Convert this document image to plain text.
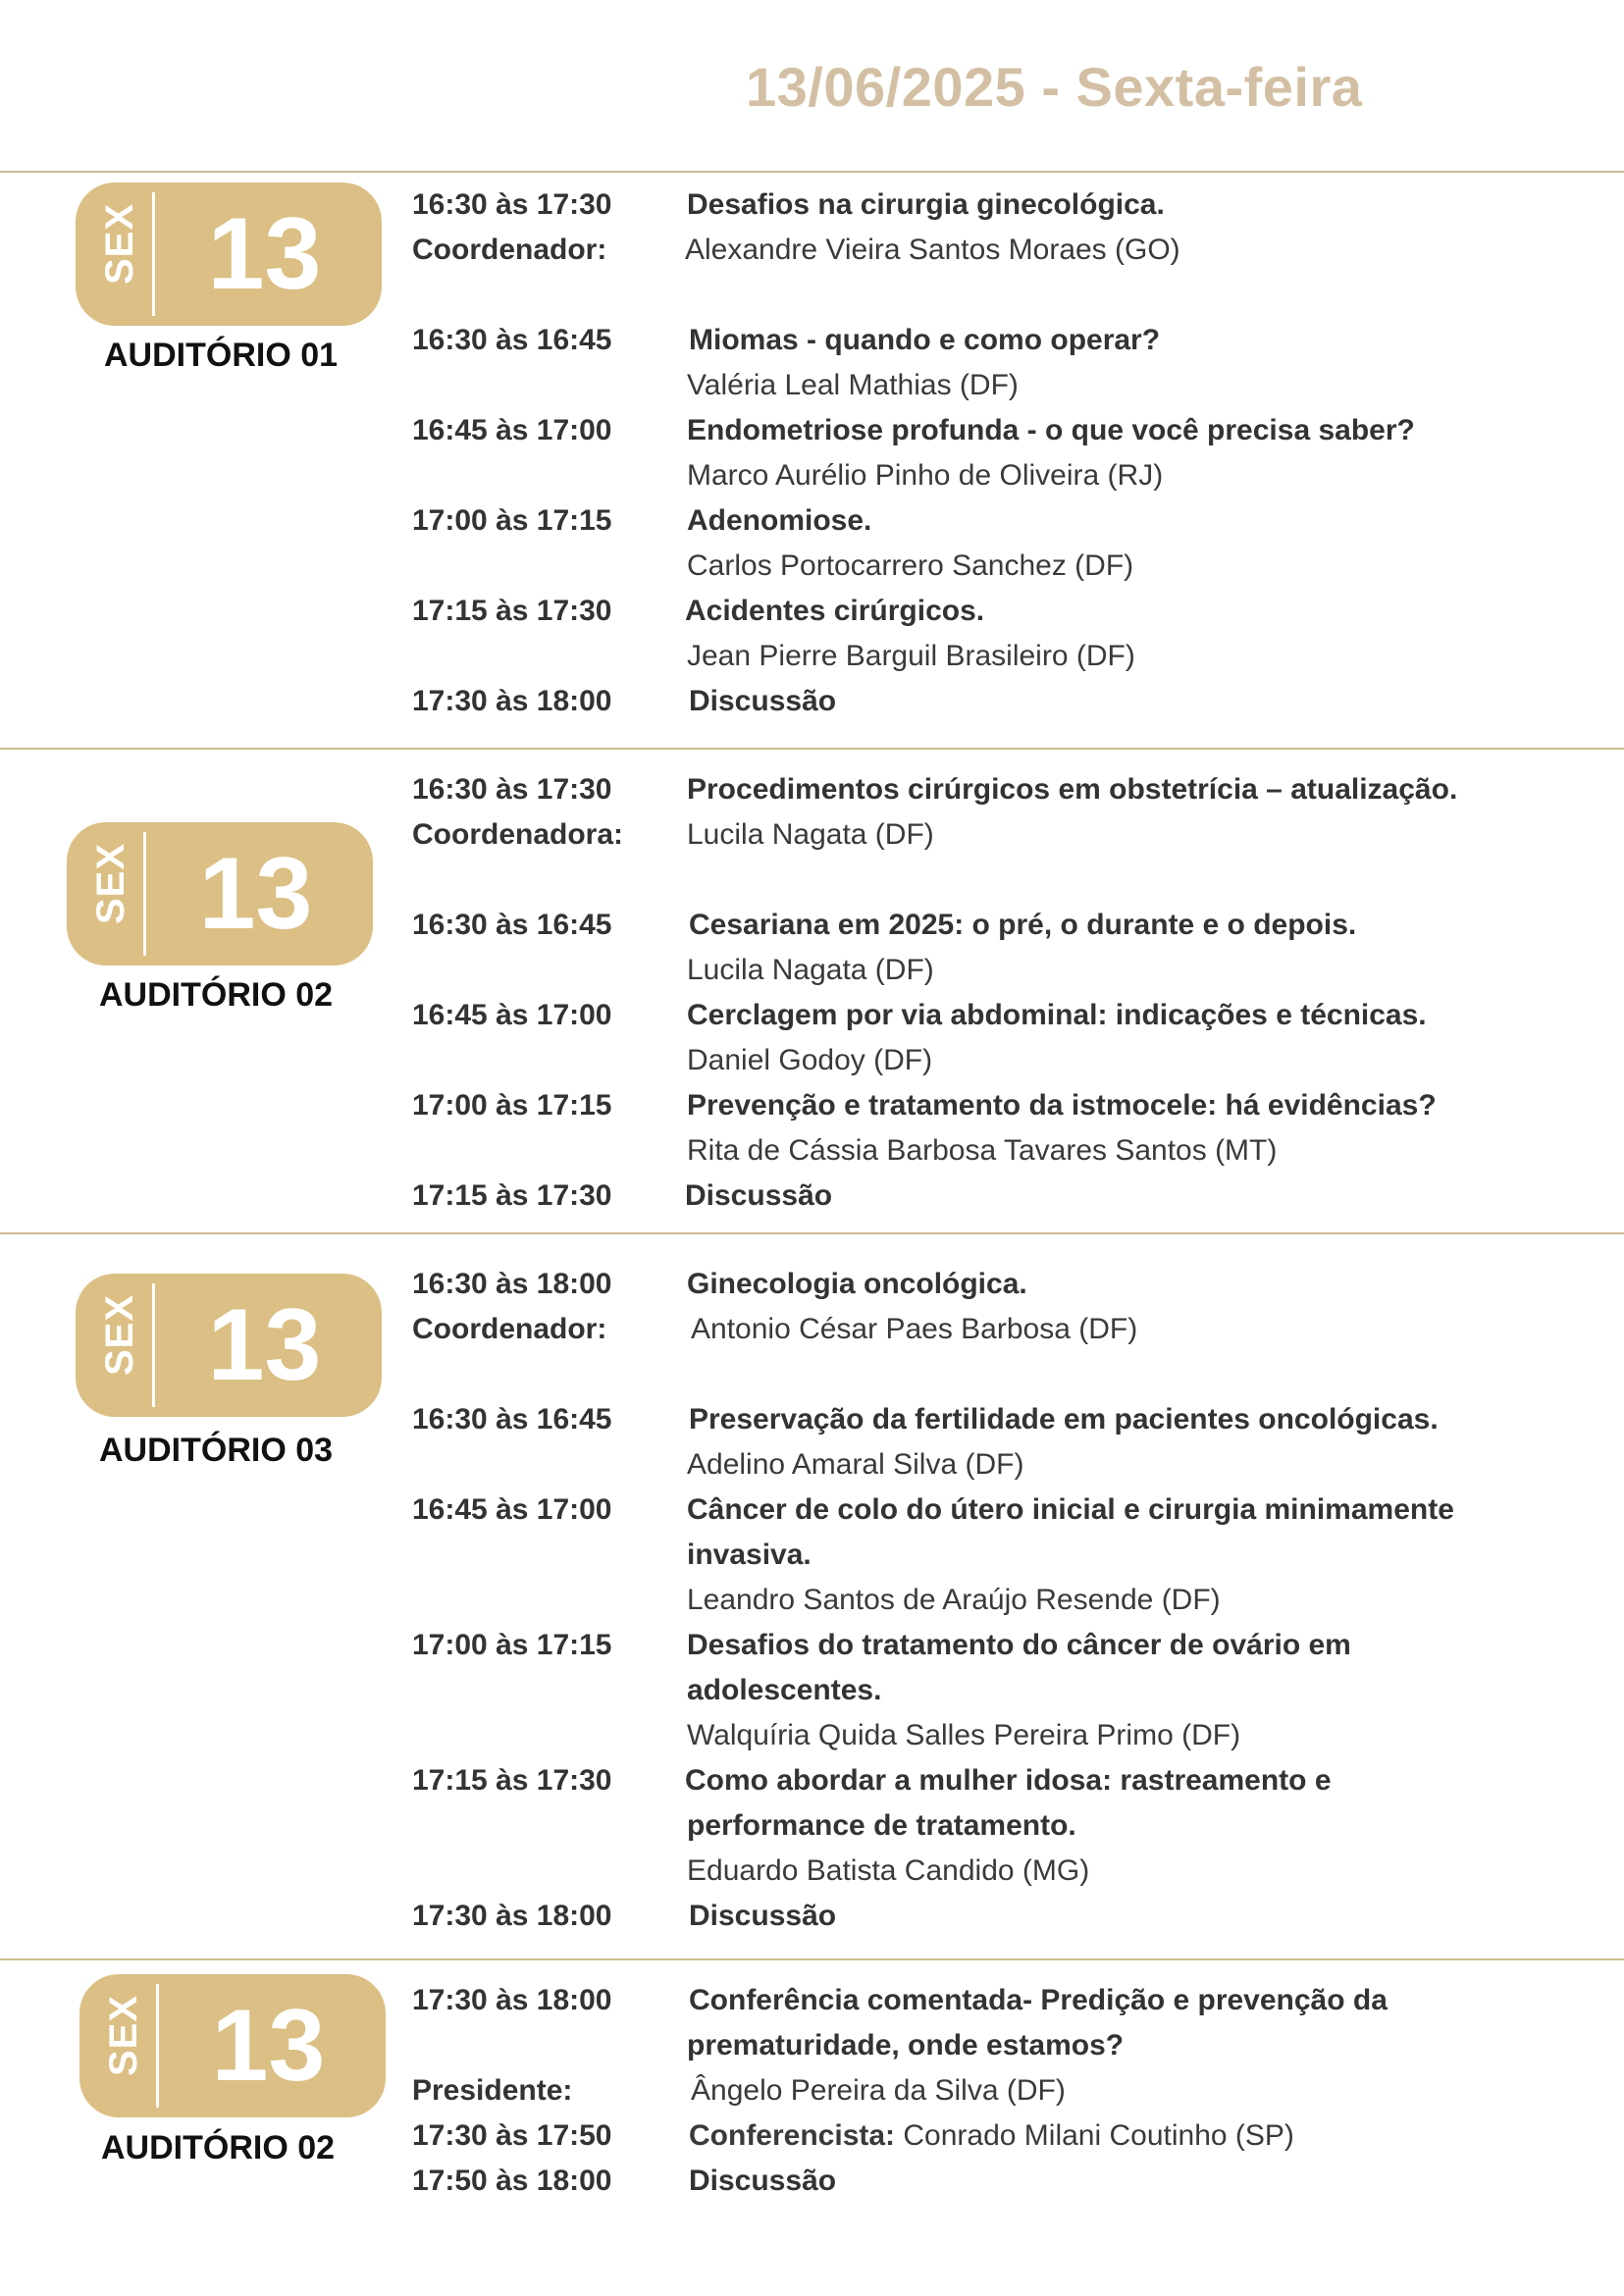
13/06/2025 - Sexta-feira
SEX 13
AUDITÓRIO 01
16:30 às 17:30	Desafios na cirurgia ginecológica.
Coordenador:	Alexandre Vieira Santos Moraes (GO)
16:30 às 16:45	Miomas - quando e como operar?
Valéria Leal Mathias (DF)
16:45 às 17:00	Endometriose profunda - o que você precisa saber?
Marco Aurélio Pinho de Oliveira (RJ)
17:00 às 17:15	Adenomiose.
Carlos Portocarrero Sanchez (DF)
17:15 às 17:30 Acidentes cirúrgicos.
Jean Pierre Barguil Brasileiro (DF)
17:30 às 18:00	Discussão
SEX 13
AUDITÓRIO 02
16:30 às 17:30	Procedimentos cirúrgicos em obstetrícia – atualização.
Coordenadora: Lucila Nagata (DF)
16:30 às 16:45	Cesariana em 2025: o pré, o durante e o depois.
Lucila Nagata (DF)
16:45 às 17:00	Cerclagem por via abdominal: indicações e técnicas.
Daniel Godoy (DF)
17:00 às 17:15	Prevenção e tratamento da istmocele: há evidências?
Rita de Cássia Barbosa Tavares Santos (MT)
17:15 às 17:30 Discussão
SEX 13
AUDITÓRIO 03
16:30 às 18:00	Ginecologia oncológica.
Coordenador:	Antonio César Paes Barbosa (DF)
16:30 às 16:45	Preservação da fertilidade em pacientes oncológicas.
Adelino Amaral Silva (DF)
16:45 às 17:00	Câncer de colo do útero inicial e cirurgia minimamente
invasiva.
Leandro Santos de Araújo Resende (DF)
17:00 às 17:15	Desafios do tratamento do câncer de ovário em
adolescentes.
Walquíria Quida Salles Pereira Primo (DF)
17:15 às 17:30 Como abordar a mulher idosa: rastreamento e
performance de tratamento.
Eduardo Batista Candido (MG)
17:30 às 18:00	Discussão
SEX 13
AUDITÓRIO 02
17:30 às 18:00	Conferência comentada- Predição e prevenção da
prematuridade, onde estamos?
Presidente:	Ângelo Pereira da Silva (DF)
17:30 às 17:50	Conferencista: Conrado Milani Coutinho (SP)
17:50 às 18:00	Discussão
